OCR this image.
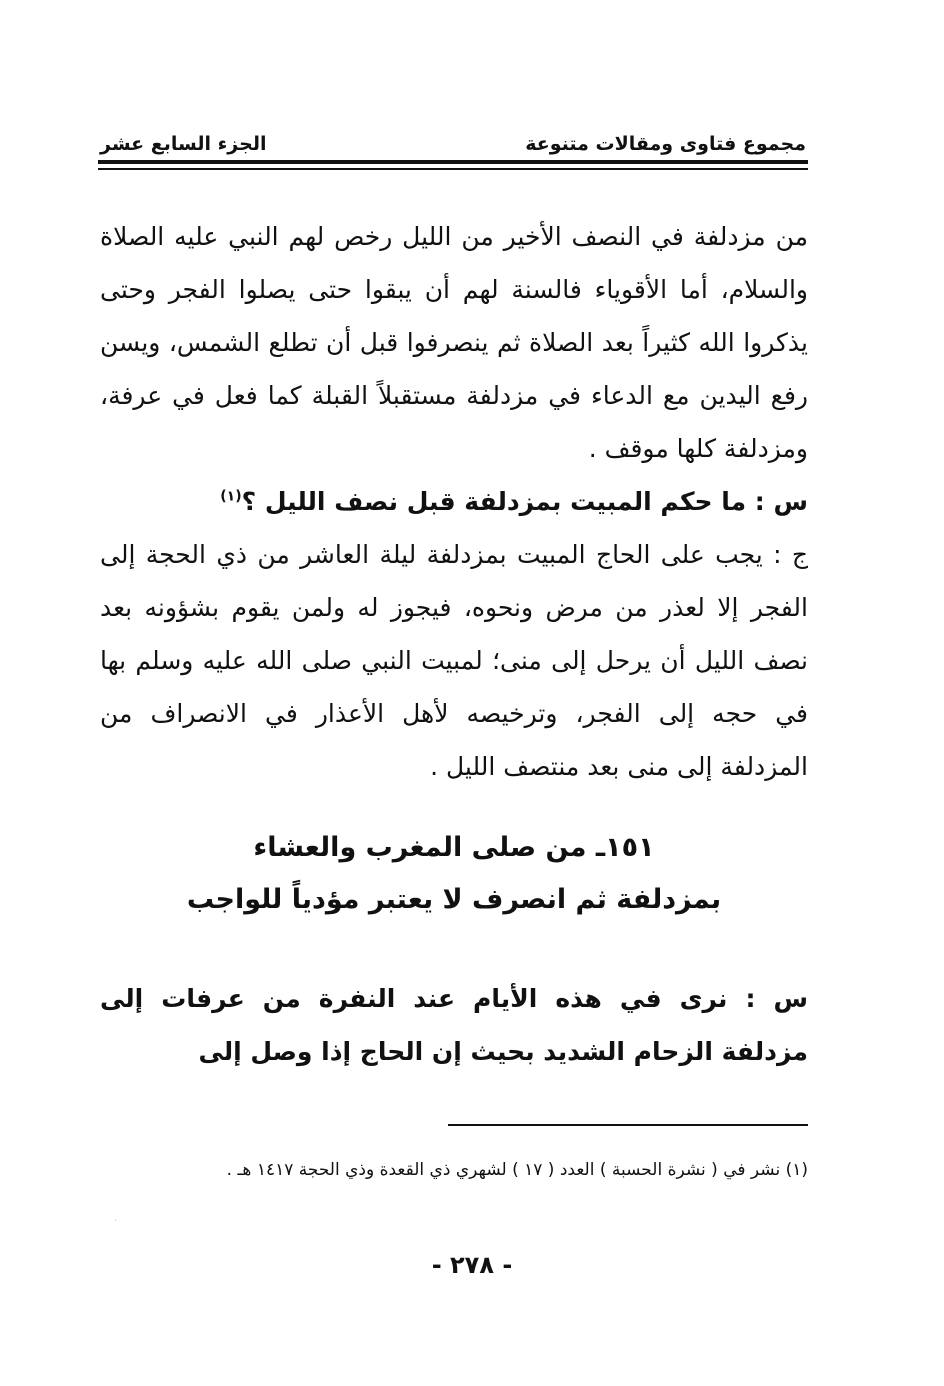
مجموع فتاوى ومقالات متنوعة
الجزء السابع عشر

من مزدلفة في النصف الأخير من الليل رخص لهم النبي عليه الصلاة والسلام، أما الأقوياء فالسنة لهم أن يبقوا حتى يصلوا الفجر وحتى يذكروا الله كثيراً بعد الصلاة ثم ينصرفوا قبل أن تطلع الشمس، ويسن رفع اليدين مع الدعاء في مزدلفة مستقبلاً القبلة كما فعل في عرفة، ومزدلفة كلها موقف .

س : ما حكم المبيت بمزدلفة قبل نصف الليل ؟$^{(١)}$

ج : يجب على الحاج المبيت بمزدلفة ليلة العاشر من ذي الحجة إلى الفجر إلا لعذر من مرض ونحوه، فيجوز له ولمن يقوم بشؤونه بعد نصف الليل أن يرحل إلى منى؛ لمبيت النبي صلى الله عليه وسلم بها في حجه إلى الفجر، وترخيصه لأهل الأعذار في الانصراف من المزدلفة إلى منى بعد منتصف الليل .

١٥١ـ من صلى المغرب والعشاء
بمزدلفة ثم انصرف لا يعتبر مؤدياً للواجب
س : نرى في هذه الأيام عند النفرة من عرفات إلى مزدلفة الزحام الشديد بحيث إن الحاج إذا وصل إلى
(١) نشر في ( نشرة الحسبة ) العدد ( ١٧ ) لشهري ذي القعدة وذي الحجة ١٤١٧ هـ .
·
- ٢٧٨ -
